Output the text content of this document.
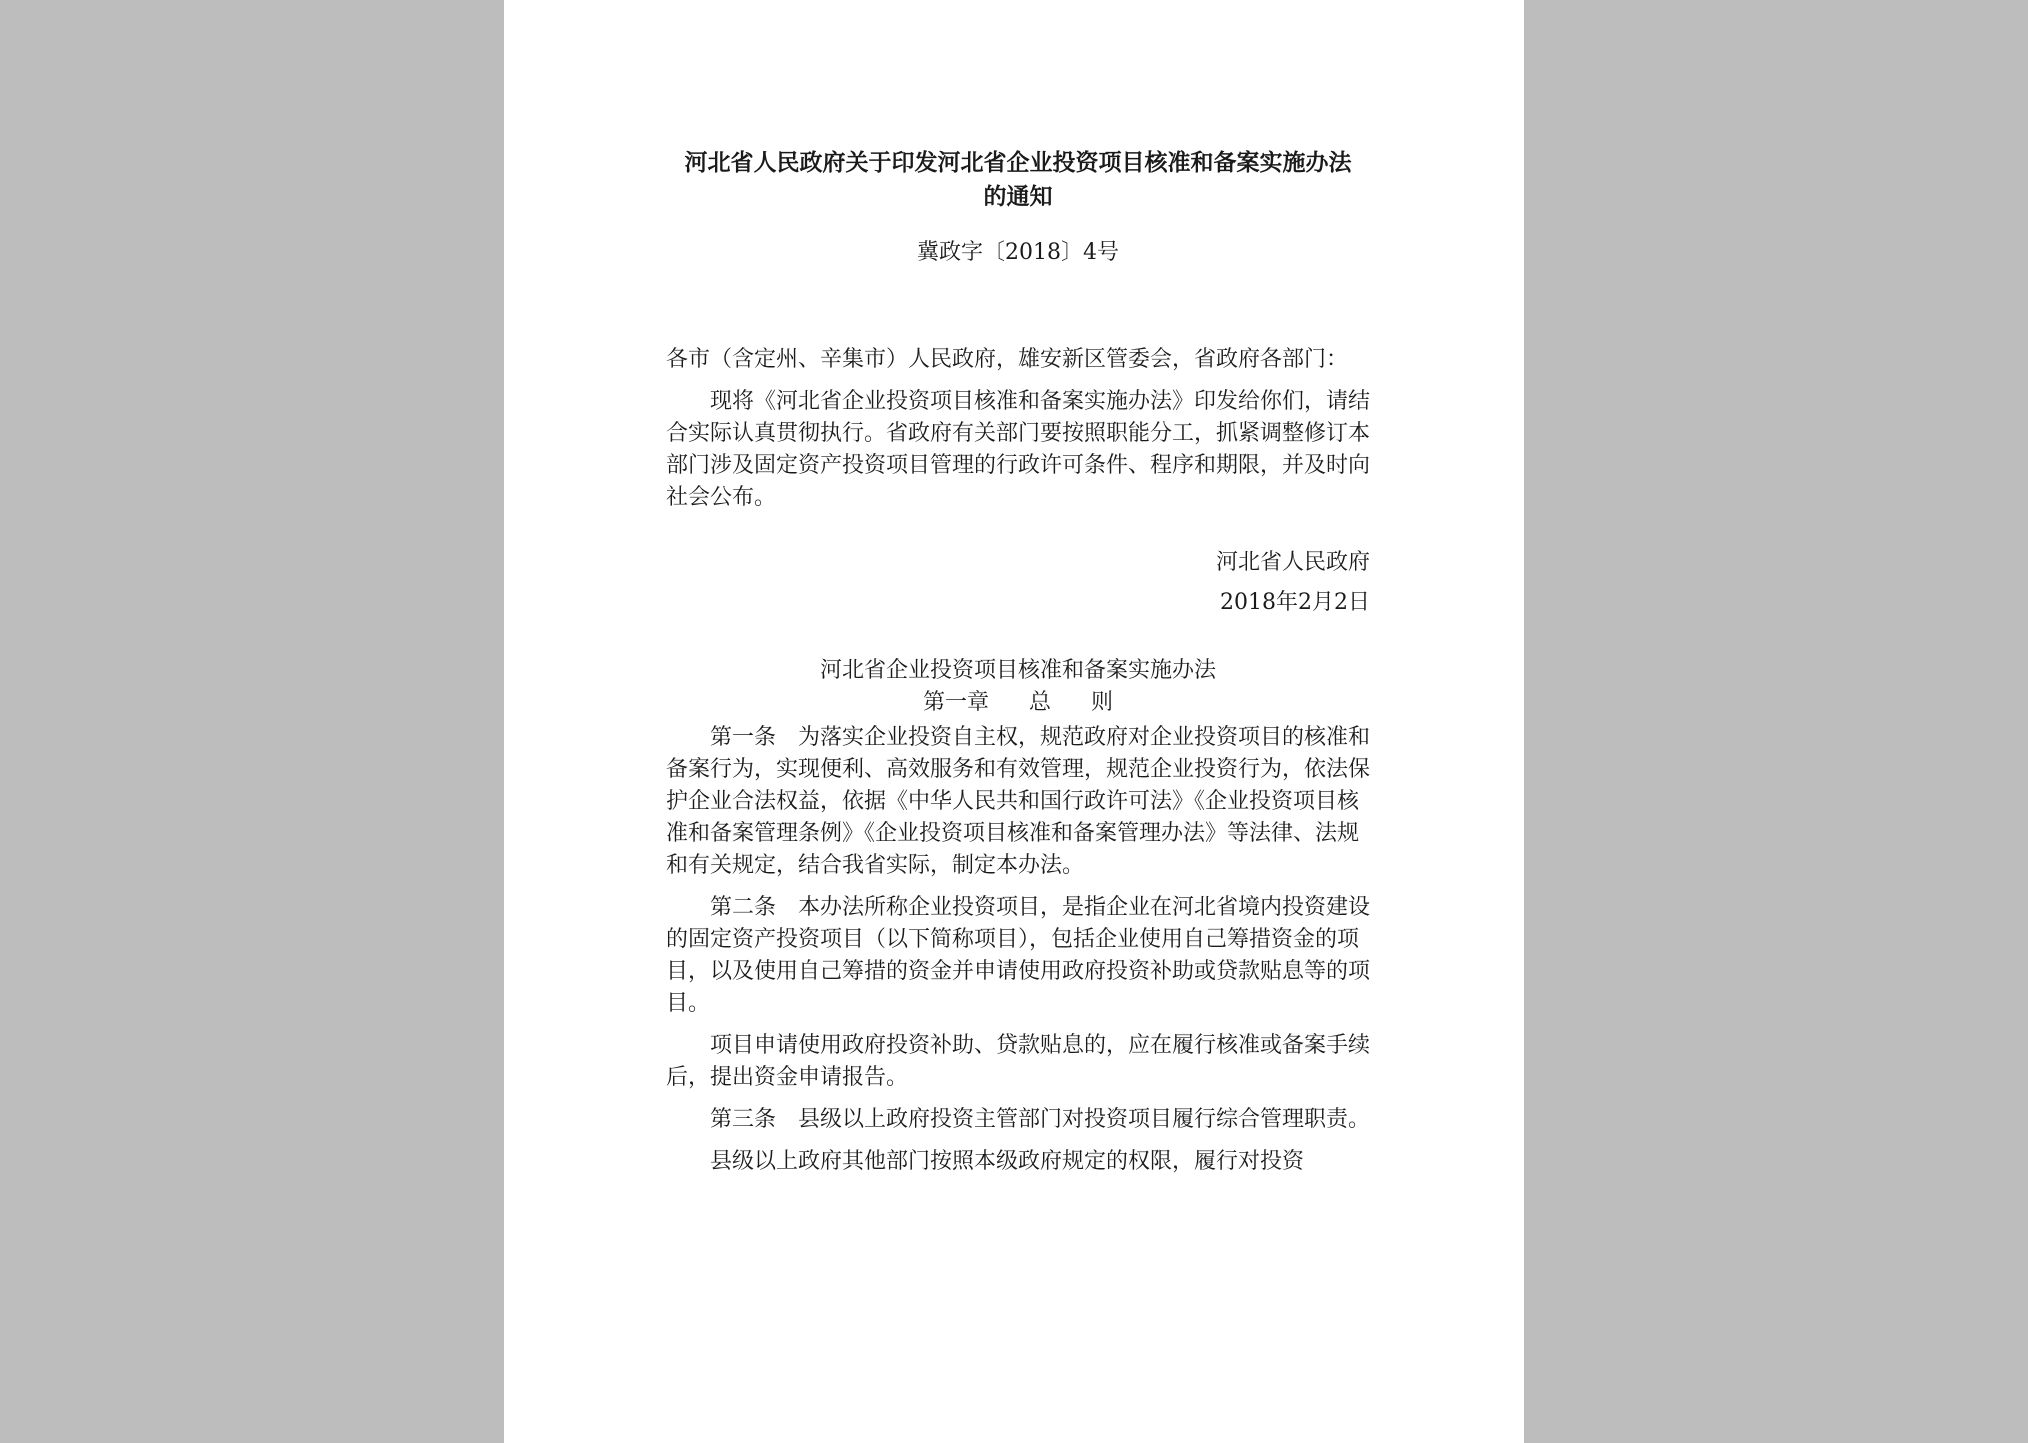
河北省人民政府关于印发河北省企业投资项目核准和备案实施办法
的通知
冀政字〔2018〕4号
各市（含定州、辛集市）人民政府，雄安新区管委会，省政府各部门：

现将《河北省企业投资项目核准和备案实施办法》印发给你们，请结合实际认真贯彻执行。省政府有关部门要按照职能分工，抓紧调整修订本部门涉及固定资产投资项目管理的行政许可条件、程序和期限，并及时向社会公布。

河北省人民政府
2018年2月2日
河北省企业投资项目核准和备案实施办法
第一章 总 则

第一条　为落实企业投资自主权，规范政府对企业投资项目的核准和备案行为，实现便利、高效服务和有效管理，规范企业投资行为，依法保护企业合法权益，依据《中华人民共和国行政许可法》《企业投资项目核准和备案管理条例》《企业投资项目核准和备案管理办法》等法律、法规和有关规定，结合我省实际，制定本办法。

第二条　本办法所称企业投资项目，是指企业在河北省境内投资建设的固定资产投资项目（以下简称项目），包括企业使用自己筹措资金的项目，以及使用自己筹措的资金并申请使用政府投资补助或贷款贴息等的项目。

项目申请使用政府投资补助、贷款贴息的，应在履行核准或备案手续后，提出资金申请报告。

第三条　县级以上政府投资主管部门对投资项目履行综合管理职责。

县级以上政府其他部门按照本级政府规定的权限，履行对投资
